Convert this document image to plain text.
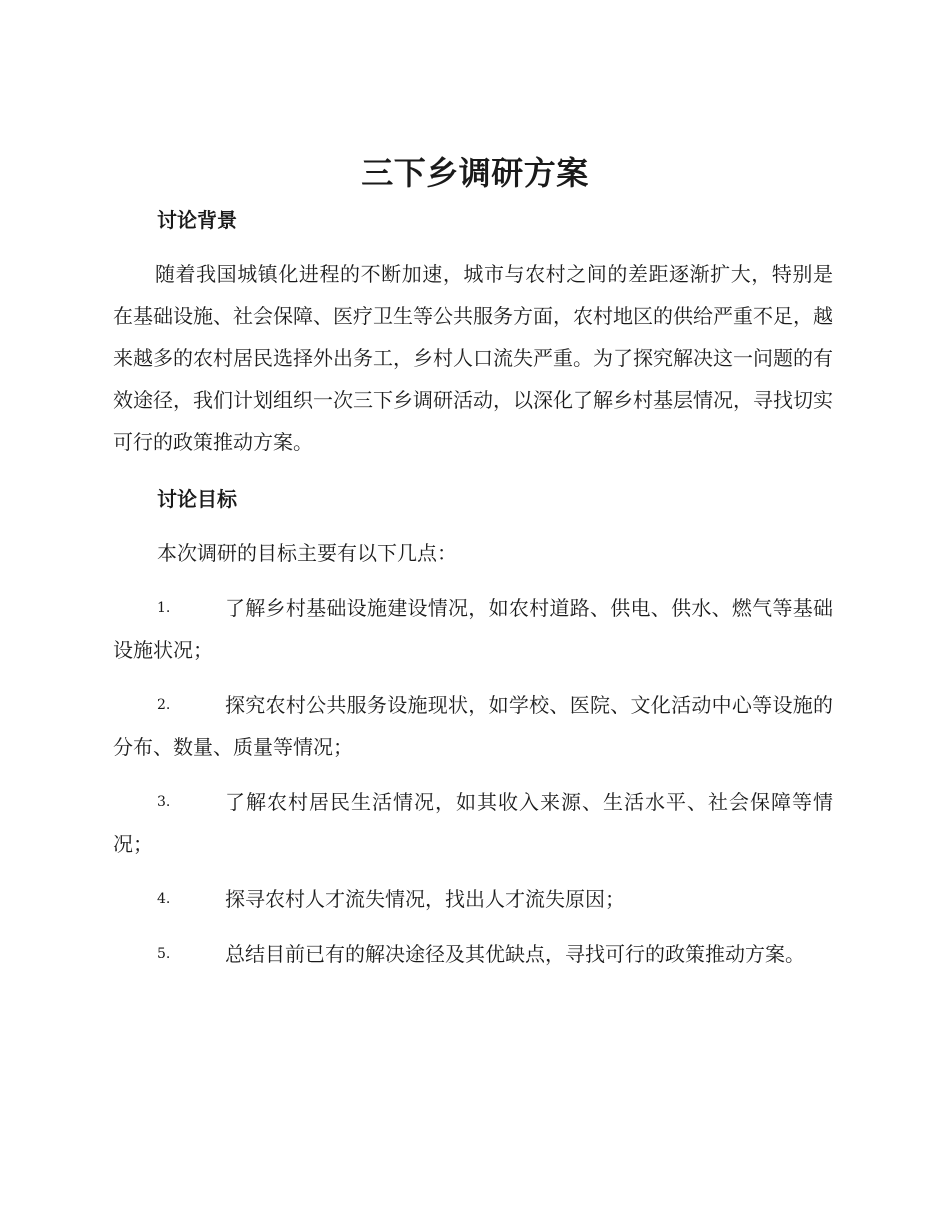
三下乡调研方案
讨论背景

随着我国城镇化进程的不断加速，城市与农村之间的差距逐渐扩大，特别是在基础设施、社会保障、医疗卫生等公共服务方面，农村地区的供给严重不足，越来越多的农村居民选择外出务工，乡村人口流失严重。为了探究解决这一问题的有效途径，我们计划组织一次三下乡调研活动，以深化了解乡村基层情况，寻找切实可行的政策推动方案。

讨论目标
本次调研的目标主要有以下几点：
1.	了解乡村基础设施建设情况，如农村道路、供电、供水、燃气等基础设施状况；
2.	探究农村公共服务设施现状，如学校、医院、文化活动中心等设施的分布、数量、质量等情况；
3.	了解农村居民生活情况，如其收入来源、生活水平、社会保障等情况；
4.	探寻农村人才流失情况，找出人才流失原因；
5.	总结目前已有的解决途径及其优缺点，寻找可行的政策推动方案。
